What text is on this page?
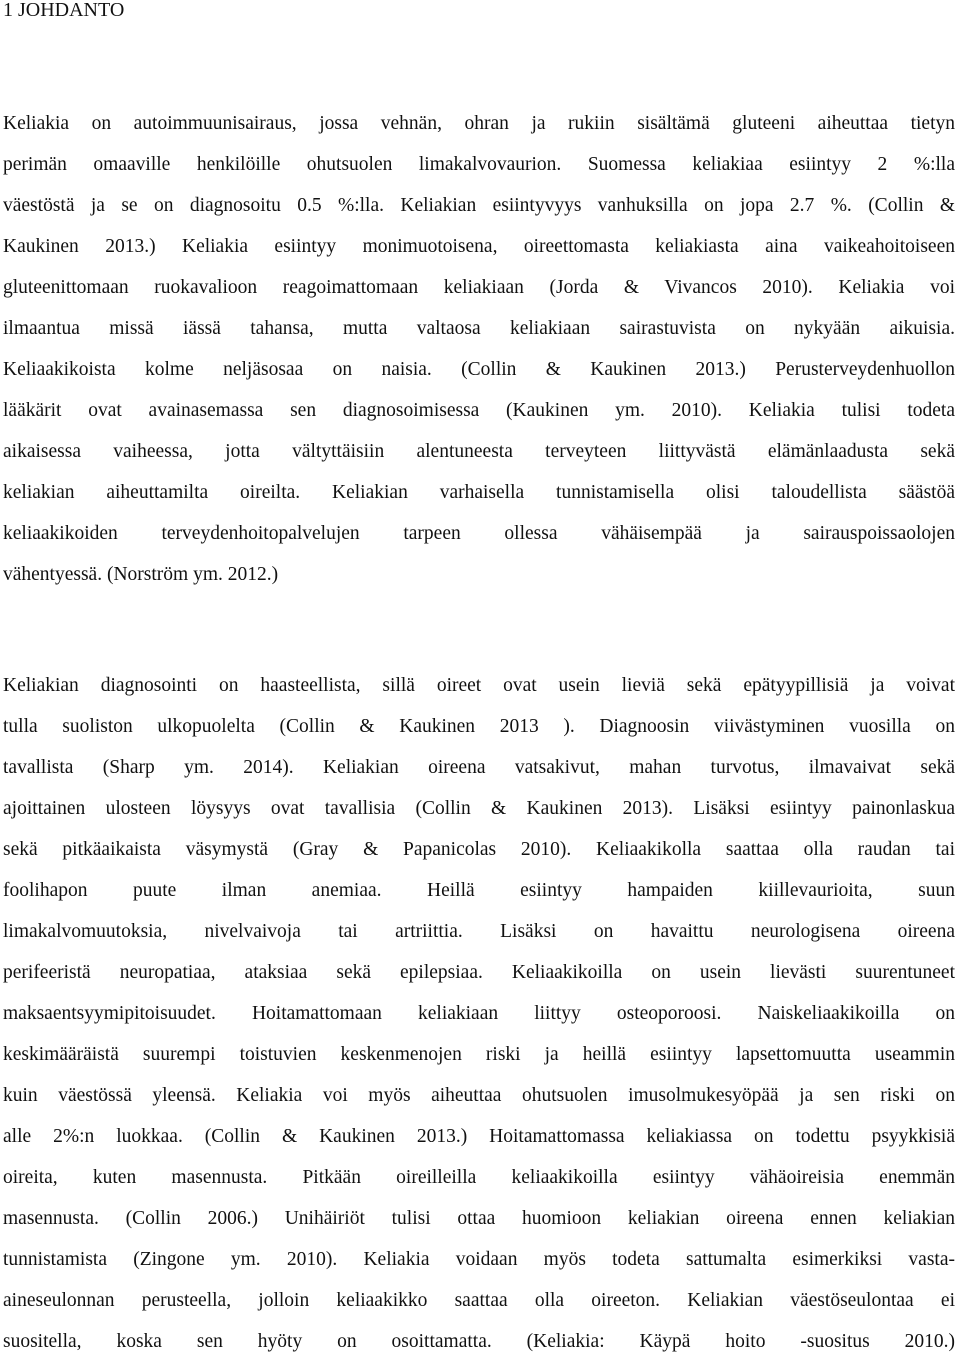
1 JOHDANTO
Keliakia on autoimmuunisairaus, jossa vehnän, ohran ja rukiin sisältämä gluteeni aiheuttaa tietyn
perimän omaaville henkilöille ohutsuolen limakalvovaurion. Suomessa keliakiaa esiintyy 2 %:lla
väestöstä ja se on diagnosoitu 0.5 %:lla. Keliakian esiintyvyys vanhuksilla on jopa 2.7 %. (Collin &
Kaukinen 2013.) Keliakia esiintyy monimuotoisena, oireettomasta keliakiasta aina vaikeahoitoiseen
gluteenittomaan ruokavalioon reagoimattomaan keliakiaan (Jorda & Vivancos 2010). Keliakia voi
ilmaantua missä iässä tahansa, mutta valtaosa keliakiaan sairastuvista on nykyään aikuisia.
Keliaakikoista kolme neljäsosaa on naisia. (Collin & Kaukinen 2013.) Perusterveydenhuollon
lääkärit ovat avainasemassa sen diagnosoimisessa (Kaukinen ym. 2010). Keliakia tulisi todeta
aikaisessa vaiheessa, jotta vältyttäisiin alentuneesta terveyteen liittyvästä elämänlaadusta sekä
keliakian aiheuttamilta oireilta. Keliakian varhaisella tunnistamisella olisi taloudellista säästöä
keliaakikoiden terveydenhoitopalvelujen tarpeen ollessa vähäisempää ja sairauspoissaolojen
vähentyessä. (Norström ym. 2012.)
Keliakian diagnosointi on haasteellista, sillä oireet ovat usein lieviä sekä epätyypillisiä ja voivat
tulla suoliston ulkopuolelta (Collin & Kaukinen 2013 ). Diagnoosin viivästyminen vuosilla on
tavallista (Sharp ym. 2014). Keliakian oireena vatsakivut, mahan turvotus, ilmavaivat sekä
ajoittainen ulosteen löysyys ovat tavallisia (Collin & Kaukinen 2013). Lisäksi esiintyy painonlaskua
sekä pitkäaikaista väsymystä (Gray & Papanicolas 2010). Keliaakikolla saattaa olla raudan tai
foolihapon puute ilman anemiaa. Heillä esiintyy hampaiden kiillevaurioita, suun
limakalvomuutoksia, nivelvaivoja tai artriittia. Lisäksi on havaittu neurologisena oireena
perifeeristä neuropatiaa, ataksiaa sekä epilepsiaa. Keliaakikoilla on usein lievästi suurentuneet
maksaentsyymipitoisuudet. Hoitamattomaan keliakiaan liittyy osteoporoosi. Naiskeliaakikoilla on
keskimääräistä suurempi toistuvien keskenmenojen riski ja heillä esiintyy lapsettomuutta useammin
kuin väestössä yleensä. Keliakia voi myös aiheuttaa ohutsuolen imusolmukesyöpää ja sen riski on
alle 2%:n luokkaa. (Collin & Kaukinen 2013.) Hoitamattomassa keliakiassa on todettu psyykkisiä
oireita, kuten masennusta. Pitkään oireilleilla keliaakikoilla esiintyy vähäoireisia enemmän
masennusta. (Collin 2006.) Unihäiriöt tulisi ottaa huomioon keliakian oireena ennen keliakian
tunnistamista (Zingone ym. 2010). Keliakia voidaan myös todeta sattumalta esimerkiksi vasta-
aineseulonnan perusteella, jolloin keliaakikko saattaa olla oireeton. Keliakian väestöseulontaa ei
suositella, koska sen hyöty on osoittamatta. (Keliakia: Käypä hoito -suositus 2010.)
